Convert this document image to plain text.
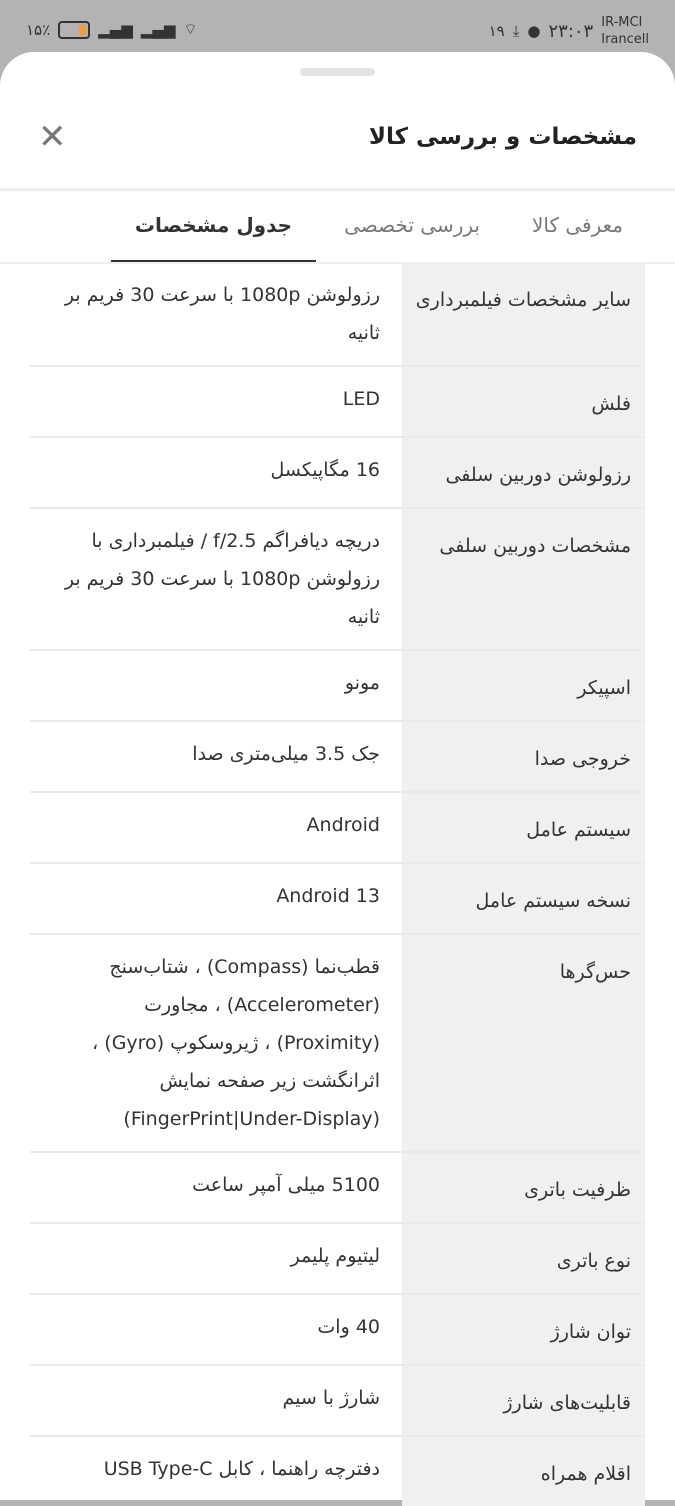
۱۵٪	▂▄▆ ▂▄▆ ⌔	۱۹ ⤓ ● ۲۳:۰۳ IR-MCI
Irancell
مشخصات و بررسی کالا
✕
معرفی کالا
بررسی تخصصی
جدول مشخصات
سایر مشخصات فیلمبرداری
رزولوشن 1080p با سرعت 30 فریم بر ثانیه
فلش
LED
رزولوشن دوربین سلفی
16 مگاپیکسل
مشخصات دوربین سلفی
دریچه دیافراگم f/2.5 / فیلمبرداری با رزولوشن 1080p با سرعت 30 فریم بر ثانیه
اسپیکر
مونو
خروجی صدا
جک 3.5 میلی‌متری صدا
سیستم عامل
Android
نسخه سیستم عامل
Android 13
حس‌گرها
قطب‌نما (Compass) ، شتاب‌سنج (Accelerometer) ، مجاورت (Proximity) ، ژیروسکوپ (Gyro) ، اثرانگشت زیر صفحه نمایش (FingerPrint|Under-Display)
ظرفیت باتری
5100 میلی آمپر ساعت
نوع باتری
لیتیوم پلیمر
توان شارژ
40 وات
قابلیت‌های شارژ
شارژ با سیم
اقلام همراه
دفترچه راهنما ، کابل USB Type-C
